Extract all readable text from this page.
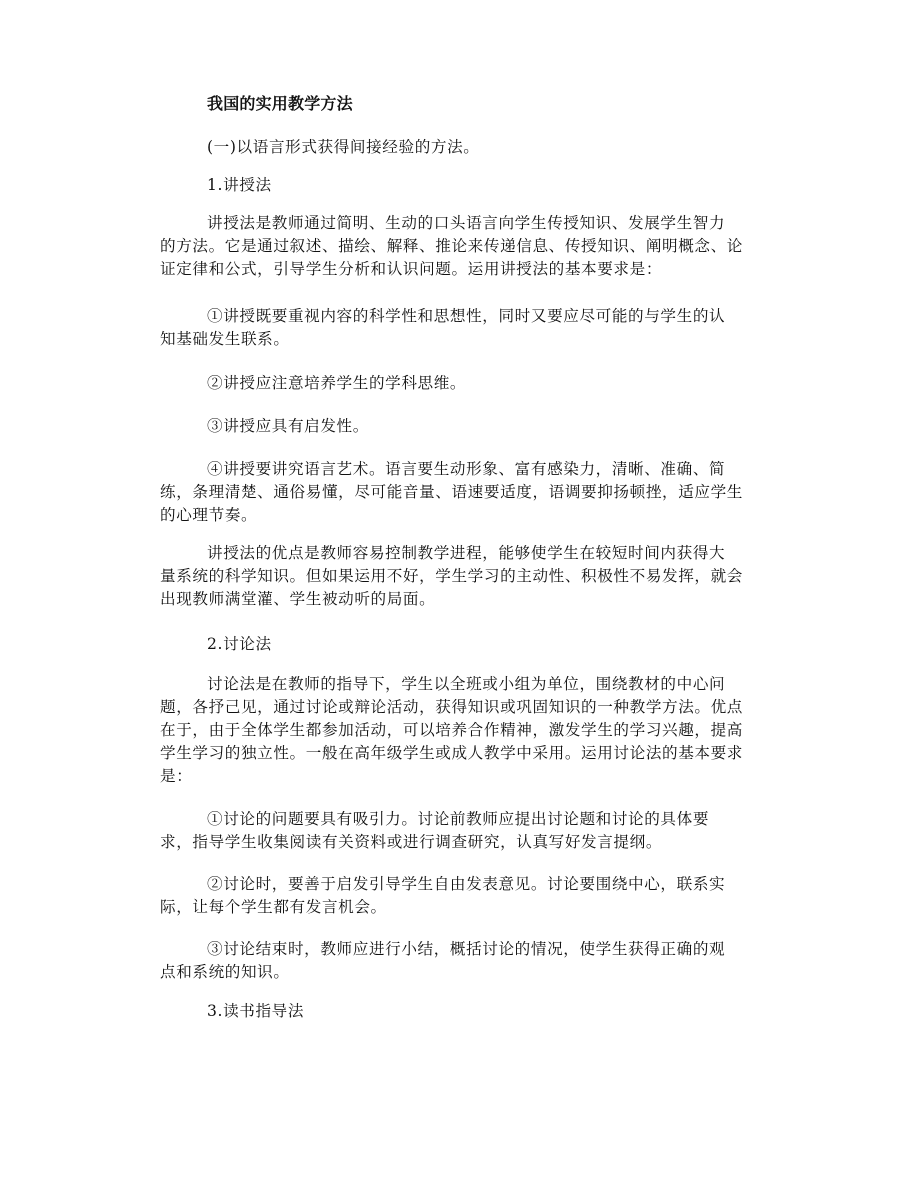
我国的实用教学方法
(一)以语言形式获得间接经验的方法。
1.讲授法
讲授法是教师通过简明、生动的口头语言向学生传授知识、发展学生智力
的方法。它是通过叙述、描绘、解释、推论来传递信息、传授知识、阐明概念、论
证定律和公式，引导学生分析和认识问题。运用讲授法的基本要求是：
①讲授既要重视内容的科学性和思想性，同时又要应尽可能的与学生的认
知基础发生联系。
②讲授应注意培养学生的学科思维。
③讲授应具有启发性。
④讲授要讲究语言艺术。语言要生动形象、富有感染力，清晰、准确、简
练，条理清楚、通俗易懂，尽可能音量、语速要适度，语调要抑扬顿挫，适应学生
的心理节奏。
讲授法的优点是教师容易控制教学进程，能够使学生在较短时间内获得大
量系统的科学知识。但如果运用不好，学生学习的主动性、积极性不易发挥，就会
出现教师满堂灌、学生被动听的局面。
2.讨论法
讨论法是在教师的指导下，学生以全班或小组为单位，围绕教材的中心问
题，各抒己见，通过讨论或辩论活动，获得知识或巩固知识的一种教学方法。优点
在于，由于全体学生都参加活动，可以培养合作精神，激发学生的学习兴趣，提高
学生学习的独立性。一般在高年级学生或成人教学中采用。运用讨论法的基本要求
是：
①讨论的问题要具有吸引力。讨论前教师应提出讨论题和讨论的具体要
求，指导学生收集阅读有关资料或进行调查研究，认真写好发言提纲。
②讨论时，要善于启发引导学生自由发表意见。讨论要围绕中心，联系实
际，让每个学生都有发言机会。
③讨论结束时，教师应进行小结，概括讨论的情况，使学生获得正确的观
点和系统的知识。
3.读书指导法
